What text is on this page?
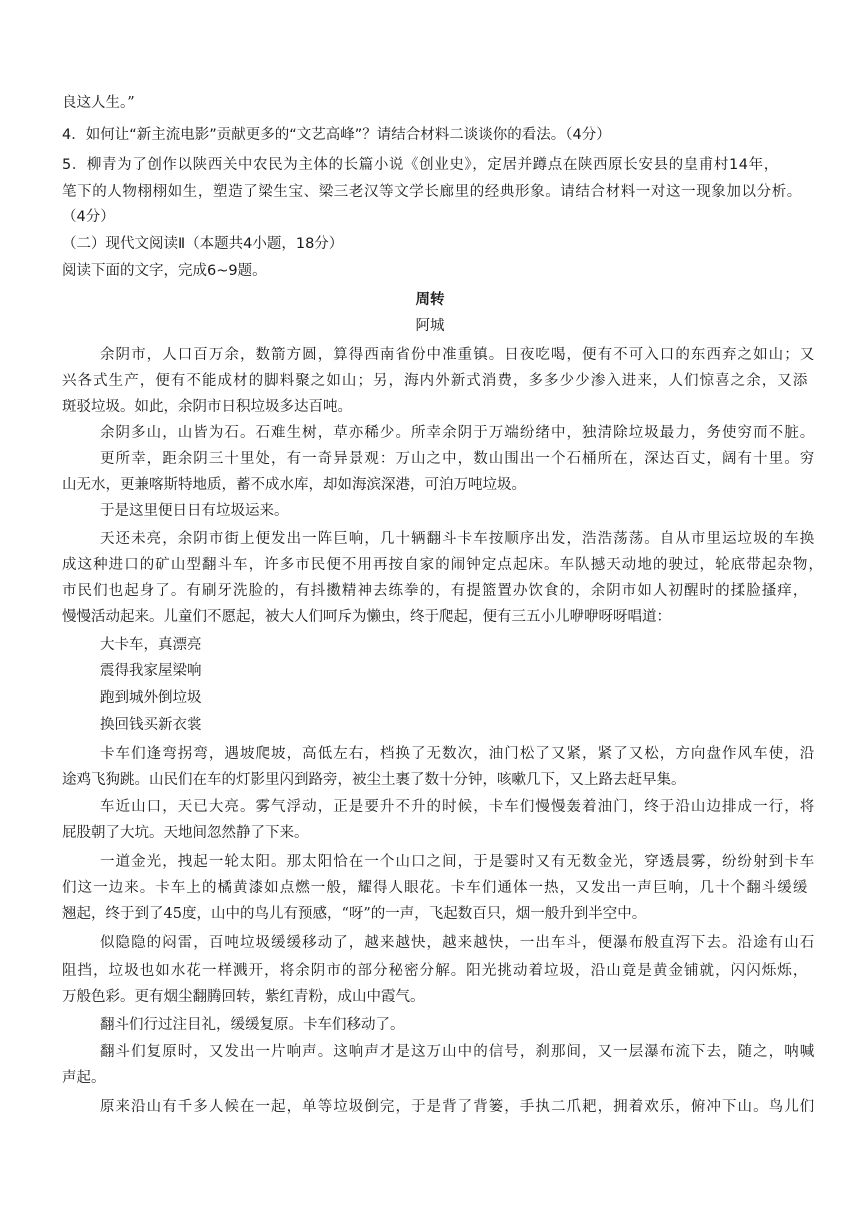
良这人生。”
4．如何让“新主流电影”贡献更多的“文艺高峰”？请结合材料二谈谈你的看法。（4分）
5．柳青为了创作以陕西关中农民为主体的长篇小说《创业史》，定居并蹲点在陕西原长安县的皇甫村14年，
笔下的人物栩栩如生，塑造了梁生宝、梁三老汉等文学长廊里的经典形象。请结合材料一对这一现象加以分析。
（4分）
（二）现代文阅读Ⅱ（本题共4小题，18分）
阅读下面的文字，完成6~9题。
周转
阿城
余阴市，人口百万余，数箭方圆，算得西南省份中准重镇。日夜吃喝，便有不可入口的东西弃之如山；又
兴各式生产，便有不能成材的脚料聚之如山；另，海内外新式消费，多多少少渗入进来，人们惊喜之余，又添
斑驳垃圾。如此，余阴市日积垃圾多达百吨。
余阴多山，山皆为石。石难生树，草亦稀少。所幸余阴于万端纷绪中，独清除垃圾最力，务使穷而不脏。
更所幸，距余阴三十里处，有一奇异景观：万山之中，数山围出一个石桶所在，深达百丈，阔有十里。穷
山无水，更兼喀斯特地质，蓄不成水库，却如海滨深港，可泊万吨垃圾。
于是这里便日日有垃圾运来。
天还未亮，余阴市街上便发出一阵巨响，几十辆翻斗卡车按顺序出发，浩浩荡荡。自从市里运垃圾的车换
成这种进口的矿山型翻斗车，许多市民便不用再按自家的闹钟定点起床。车队撼天动地的驶过，轮底带起杂物，
市民们也起身了。有刷牙洗脸的，有抖擞精神去练拳的，有提篮置办饮食的，余阴市如人初醒时的揉脸搔痒，
慢慢活动起来。儿童们不愿起，被大人们呵斥为懒虫，终于爬起，便有三五小儿咿咿呀呀唱道：
大卡车，真漂亮
震得我家屋梁响
跑到城外倒垃圾
换回钱买新衣裳
卡车们逢弯拐弯，遇坡爬坡，高低左右，档换了无数次，油门松了又紧，紧了又松，方向盘作风车使，沿
途鸡飞狗跳。山民们在车的灯影里闪到路旁，被尘土裹了数十分钟，咳嗽几下，又上路去赶早集。
车近山口，天已大亮。雾气浮动，正是要升不升的时候，卡车们慢慢轰着油门，终于沿山边排成一行，将
屁股朝了大坑。天地间忽然静了下来。
一道金光，拽起一轮太阳。那太阳恰在一个山口之间，于是霎时又有无数金光，穿透晨雾，纷纷射到卡车
们这一边来。卡车上的橘黄漆如点燃一般，耀得人眼花。卡车们通体一热，又发出一声巨响，几十个翻斗缓缓
翘起，终于到了45度，山中的鸟儿有预感，“呀”的一声，飞起数百只，烟一般升到半空中。
似隐隐的闷雷，百吨垃圾缓缓移动了，越来越快，越来越快，一出车斗，便瀑布般直泻下去。沿途有山石
阻挡，垃圾也如水花一样溅开，将余阴市的部分秘密分解。阳光挑动着垃圾，沿山竟是黄金铺就，闪闪烁烁，
万般色彩。更有烟尘翻腾回转，紫红青粉，成山中霞气。
翻斗们行过注目礼，缓缓复原。卡车们移动了。
翻斗们复原时，又发出一片响声。这响声才是这万山中的信号，刹那间，又一层瀑布流下去，随之，呐喊
声起。
原来沿山有千多人候在一起，单等垃圾倒完，于是背了背篓，手执二爪耙，拥着欢乐，俯冲下山。鸟儿们
